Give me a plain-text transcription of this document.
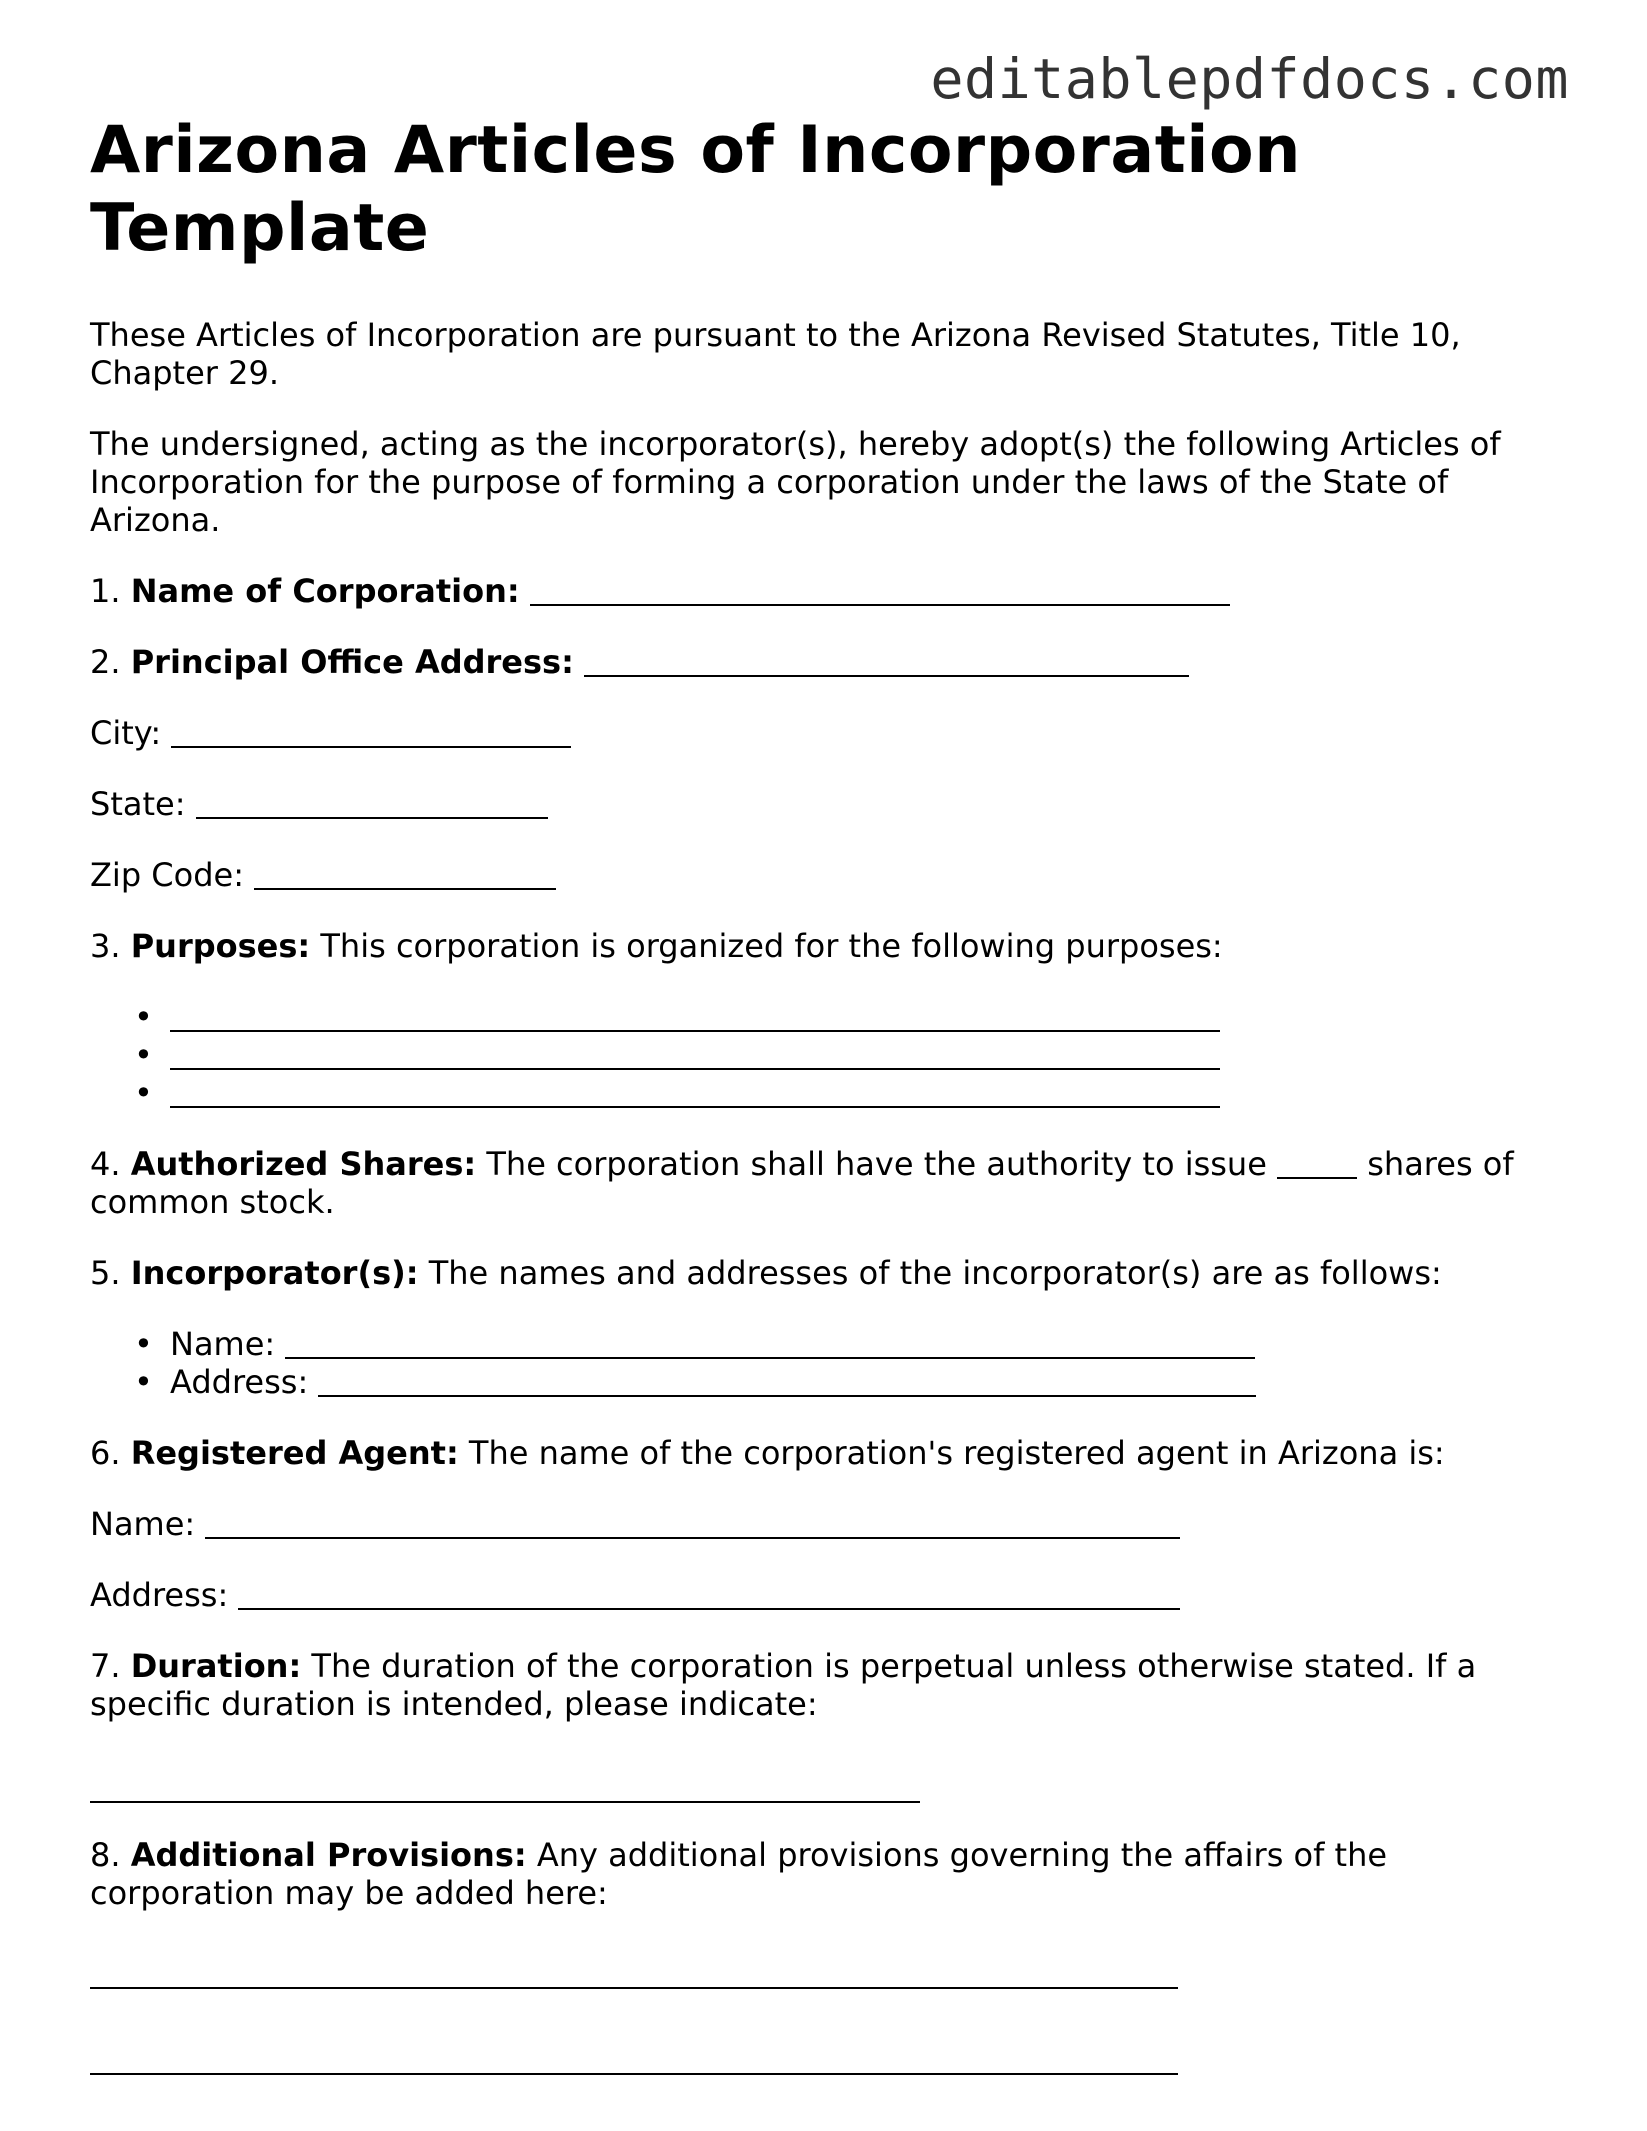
editablepdfdocs.com
Arizona Articles of Incorporation Template

These Articles of Incorporation are pursuant to the Arizona Revised Statutes, Title 10, Chapter 29.

The undersigned, acting as the incorporator(s), hereby adopt(s) the following Articles of Incorporation for the purpose of forming a corporation under the laws of the State of Arizona.

1. Name of Corporation:

2. Principal Office Address:

City:

State:

Zip Code:

3. Purposes: This corporation is organized for the following purposes:

•
•
•

4. Authorized Shares: The corporation shall have the authority to issue	shares of common stock.

5. Incorporator(s): The names and addresses of the incorporator(s) are as follows:

• Name:
• Address:

6. Registered Agent: The name of the corporation's registered agent in Arizona is:

Name:

Address:

7. Duration: The duration of the corporation is perpetual unless otherwise stated. If a specific duration is intended, please indicate:

8. Additional Provisions: Any additional provisions governing the affairs of the corporation may be added here:
